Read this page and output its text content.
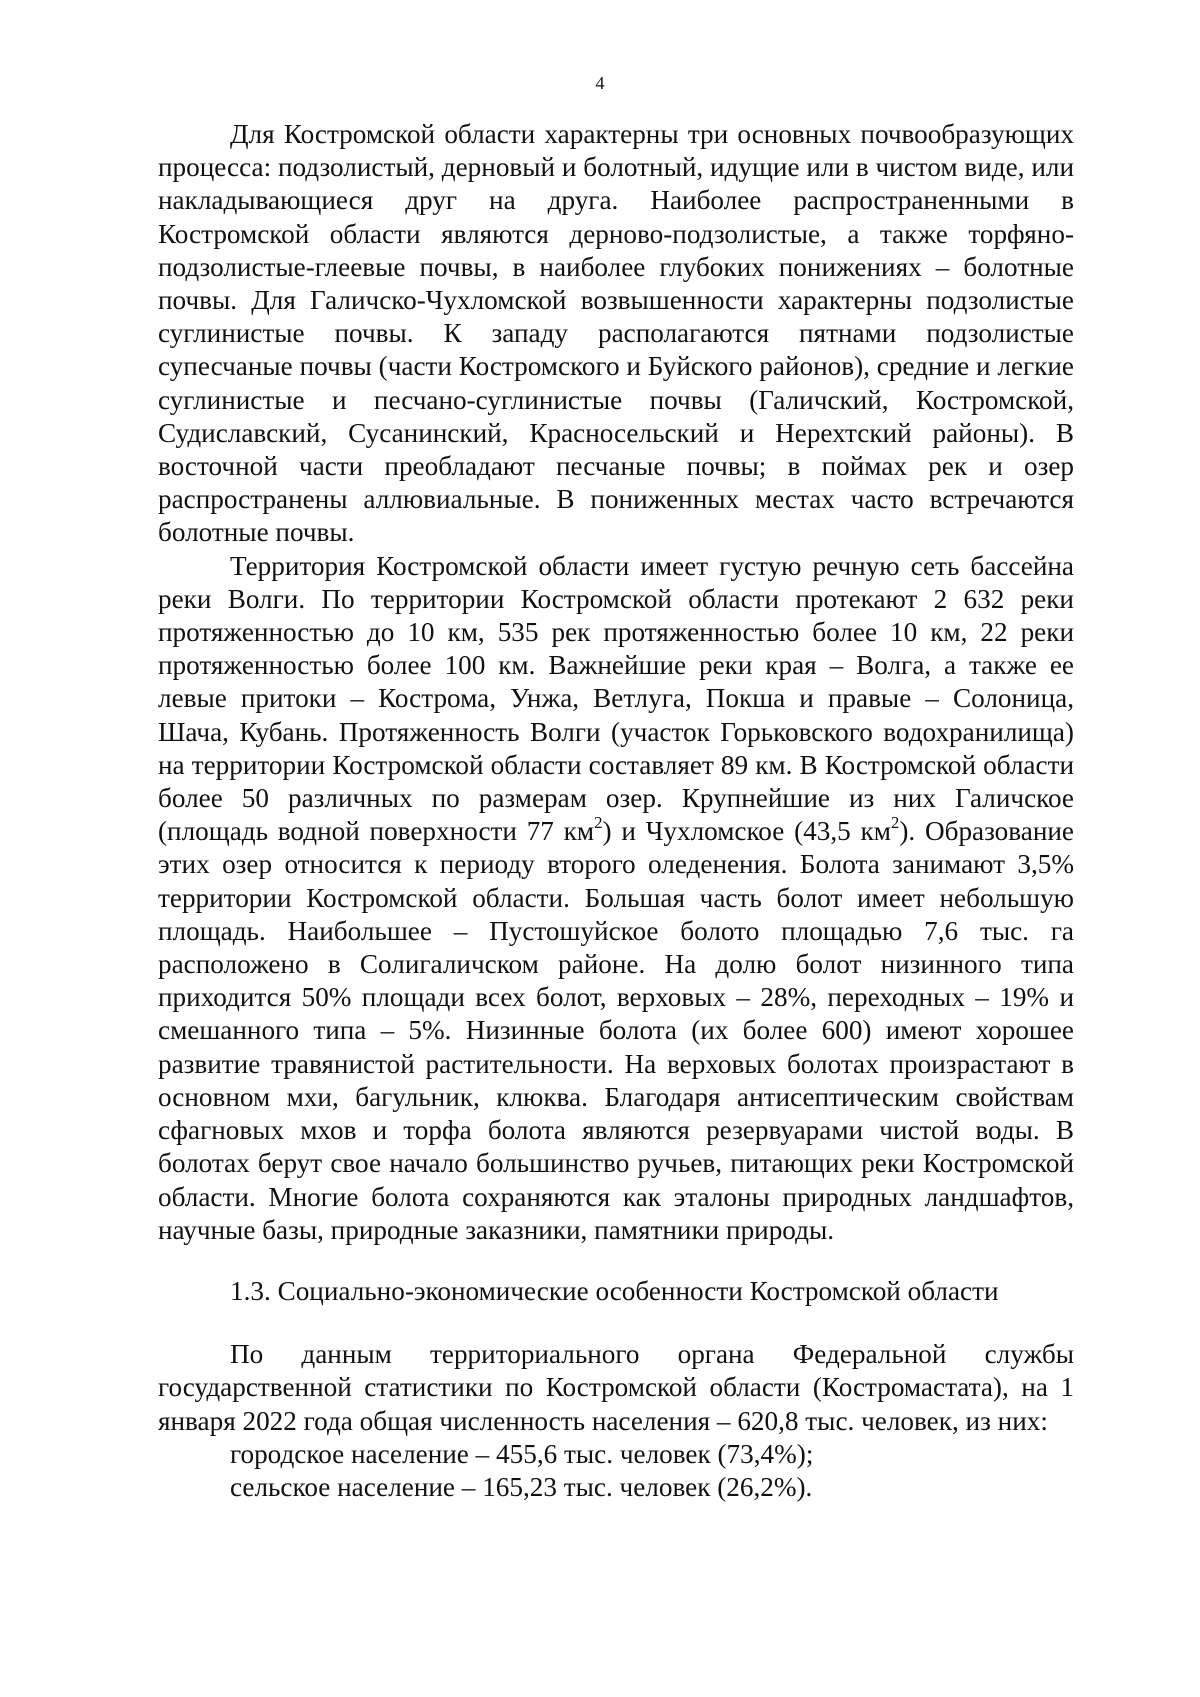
4

Для Костромской области характерны три основных почвообразующих процесса: подзолистый, дерновый и болотный, идущие или в чистом виде, или накладывающиеся друг на друга. Наиболее распространенными в Костромской области являются дерново-подзолистые, а также торфяно-подзолистые-глеевые почвы, в наиболее глубоких понижениях – болотные почвы. Для Галичско-Чухломской возвышенности характерны подзолистые суглинистые почвы. К западу располагаются пятнами подзолистые супесчаные почвы (части Костромского и Буйского районов), средние и легкие суглинистые и песчано-суглинистые почвы (Галичский, Костромской, Судиславский, Сусанинский, Красносельский и Нерехтский районы). В восточной части преобладают песчаные почвы; в поймах рек и озер распространены аллювиальные. В пониженных местах часто встречаются болотные почвы.

Территория Костромской области имеет густую речную сеть бассейна реки Волги. По территории Костромской области протекают 2 632 реки протяженностью до 10 км, 535 рек протяженностью более 10 км, 22 реки протяженностью более 100 км. Важнейшие реки края – Волга, а также ее левые притоки – Кострома, Унжа, Ветлуга, Покша и правые – Солоница, Шача, Кубань. Протяженность Волги (участок Горьковского водохранилища) на территории Костромской области составляет 89 км. В Костромской области более 50 различных по размерам озер. Крупнейшие из них Галичское (площадь водной поверхности 77 $км^2$) и Чухломское (43,5 $км^2$). Образование этих озер относится к периоду второго оледенения. Болота занимают 3,5% территории Костромской области. Большая часть болот имеет небольшую площадь. Наибольшее – Пустошуйское болото площадью 7,6 тыс. га расположено в Солигаличском районе. На долю болот низинного типа приходится 50% площади всех болот, верховых – 28%, переходных – 19% и смешанного типа – 5%. Низинные болота (их более 600) имеют хорошее развитие травянистой растительности. На верховых болотах произрастают в основном мхи, багульник, клюква. Благодаря антисептическим свойствам сфагновых мхов и торфа болота являются резервуарами чистой воды. В болотах берут свое начало большинство ручьев, питающих реки Костромской области. Многие болота сохраняются как эталоны природных ландшафтов, научные базы, природные заказники, памятники природы.

1.3. Социально-экономические особенности Костромской области

По данным территориального органа Федеральной службы государственной статистики по Костромской области (Костромастата), на 1 января 2022 года общая численность населения – 620,8 тыс. человек, из них:

городское население – 455,6 тыс. человек (73,4%);

сельское население – 165,23 тыс. человек (26,2%).
